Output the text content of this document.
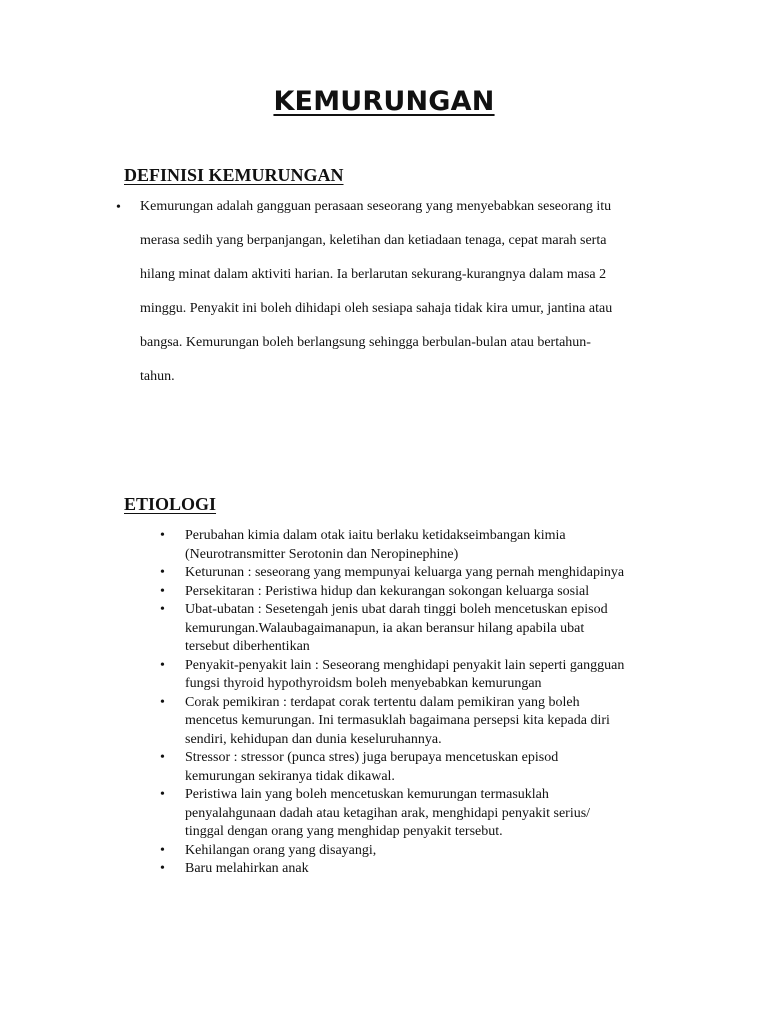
KEMURUNGAN
DEFINISI KEMURUNGAN
• Kemurungan adalah gangguan perasaan seseorang yang menyebabkan seseorang itu
merasa sedih yang berpanjangan, keletihan dan ketiadaan tenaga, cepat marah serta
hilang minat dalam aktiviti harian. Ia berlarutan sekurang-kurangnya dalam masa 2
minggu. Penyakit ini boleh dihidapi oleh sesiapa sahaja tidak kira umur, jantina atau
bangsa. Kemurungan boleh berlangsung sehingga berbulan-bulan atau bertahun-
tahun.

ETIOLOGI
• Perubahan kimia dalam otak iaitu berlaku ketidakseimbangan kimia
(Neurotransmitter Serotonin dan Neropinephine)
• Keturunan : seseorang yang mempunyai keluarga yang pernah menghidapinya
• Persekitaran : Peristiwa hidup dan kekurangan sokongan keluarga sosial
• Ubat-ubatan : Sesetengah jenis ubat darah tinggi boleh mencetuskan episod
kemurungan.Walaubagaimanapun, ia akan beransur hilang apabila ubat
tersebut diberhentikan
• Penyakit-penyakit lain : Seseorang menghidapi penyakit lain seperti gangguan
fungsi thyroid hypothyroidsm boleh menyebabkan kemurungan
• Corak pemikiran : terdapat corak tertentu dalam pemikiran yang boleh
mencetus kemurungan. Ini termasuklah bagaimana persepsi kita kepada diri
sendiri, kehidupan dan dunia keseluruhannya.
• Stressor : stressor (punca stres) juga berupaya mencetuskan episod
kemurungan sekiranya tidak dikawal.
• Peristiwa lain yang boleh mencetuskan kemurungan termasuklah
penyalahgunaan dadah atau ketagihan arak, menghidapi penyakit serius/
tinggal dengan orang yang menghidap penyakit tersebut.
• Kehilangan orang yang disayangi,
• Baru melahirkan anak
